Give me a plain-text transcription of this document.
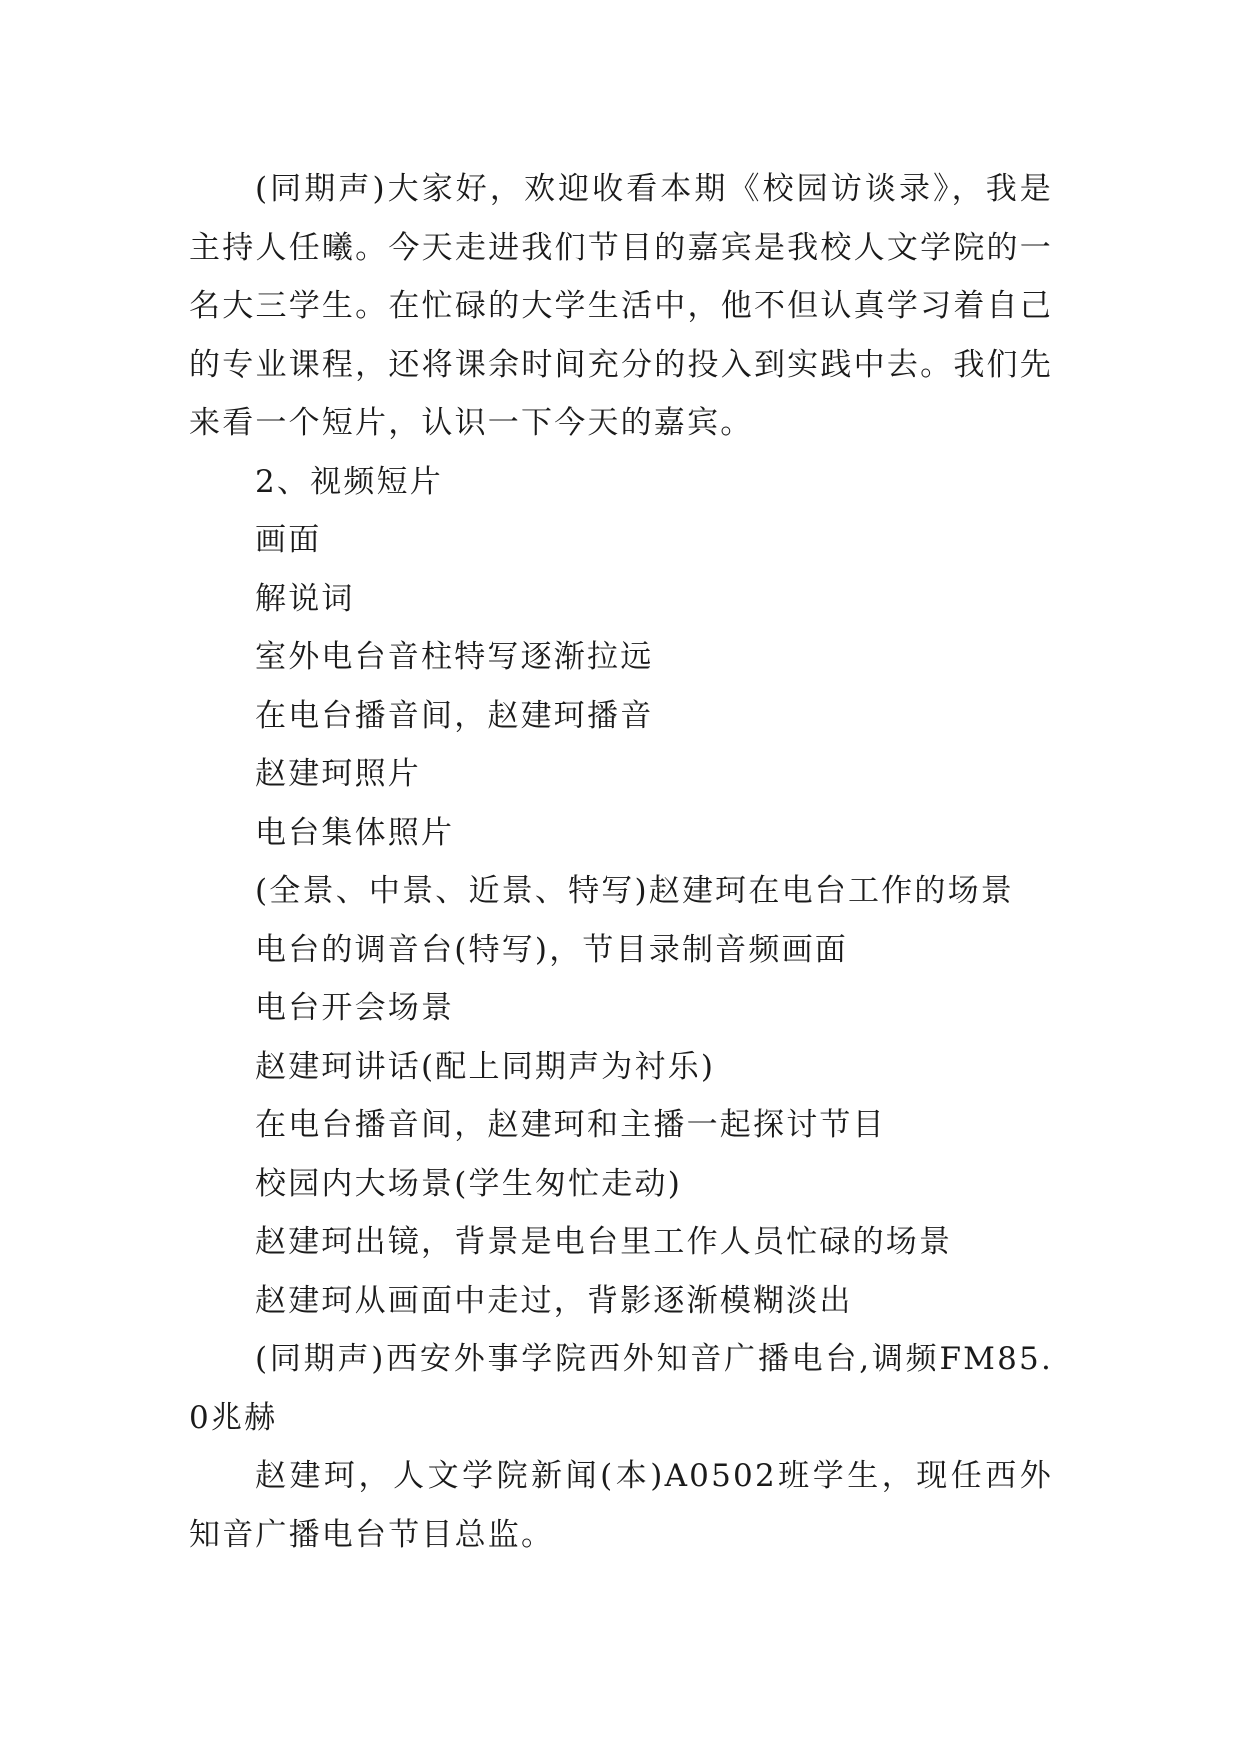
(同期声)大家好，欢迎收看本期《校园访谈录》，我是主持人任曦。今天走进我们节目的嘉宾是我校人文学院的一名大三学生。在忙碌的大学生活中，他不但认真学习着自己的专业课程，还将课余时间充分的投入到实践中去。我们先来看一个短片，认识一下今天的嘉宾。

2、视频短片

画面

解说词

室外电台音柱特写逐渐拉远

在电台播音间，赵建珂播音

赵建珂照片

电台集体照片

(全景、中景、近景、特写)赵建珂在电台工作的场景

电台的调音台(特写)，节目录制音频画面

电台开会场景

赵建珂讲话(配上同期声为衬乐)

在电台播音间，赵建珂和主播一起探讨节目

校园内大场景(学生匆忙走动)

赵建珂出镜，背景是电台里工作人员忙碌的场景

赵建珂从画面中走过，背影逐渐模糊淡出

(同期声)西安外事学院西外知音广播电台,调频FM85.0兆赫

赵建珂，人文学院新闻(本)A0502班学生，现任西外知音广播电台节目总监。
